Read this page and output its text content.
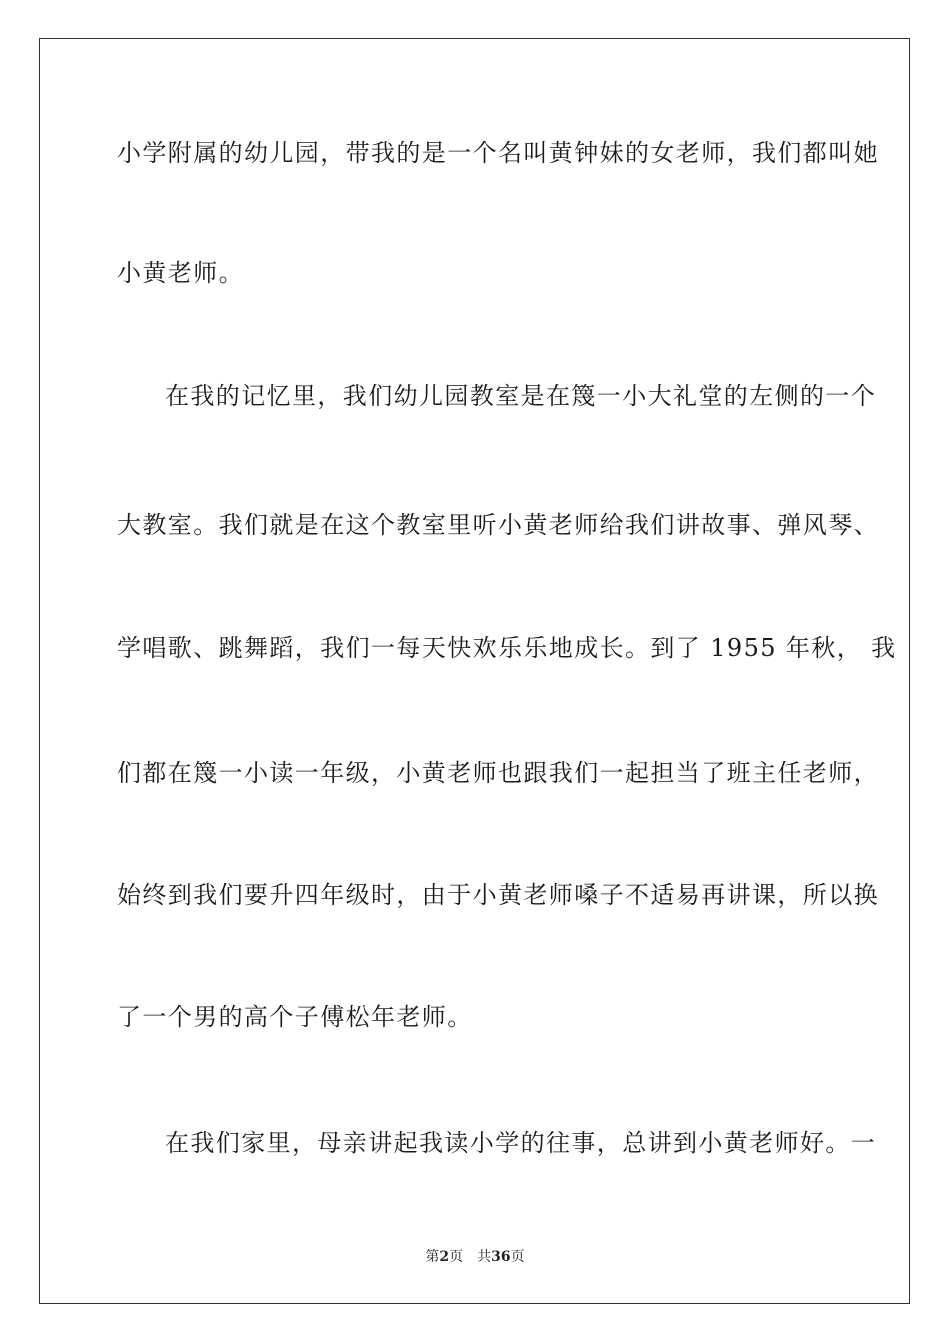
小学附属的幼儿园，带我的是一个名叫黄钟妹的女老师，我们都叫她
小黄老师。
在我的记忆里，我们幼儿园教室是在篾一小大礼堂的左侧的一个
大教室。我们就是在这个教室里听小黄老师给我们讲故事、弹风琴、
学唱歌、跳舞蹈，我们一每天快欢乐乐地成长。到了 1955 年秋， 我
们都在篾一小读一年级，小黄老师也跟我们一起担当了班主任老师，
始终到我们要升四年级时，由于小黄老师嗓子不适易再讲课，所以换
了一个男的高个子傅松年老师。
在我们家里，母亲讲起我读小学的往事，总讲到小黄老师好。一
第2页 共36页
